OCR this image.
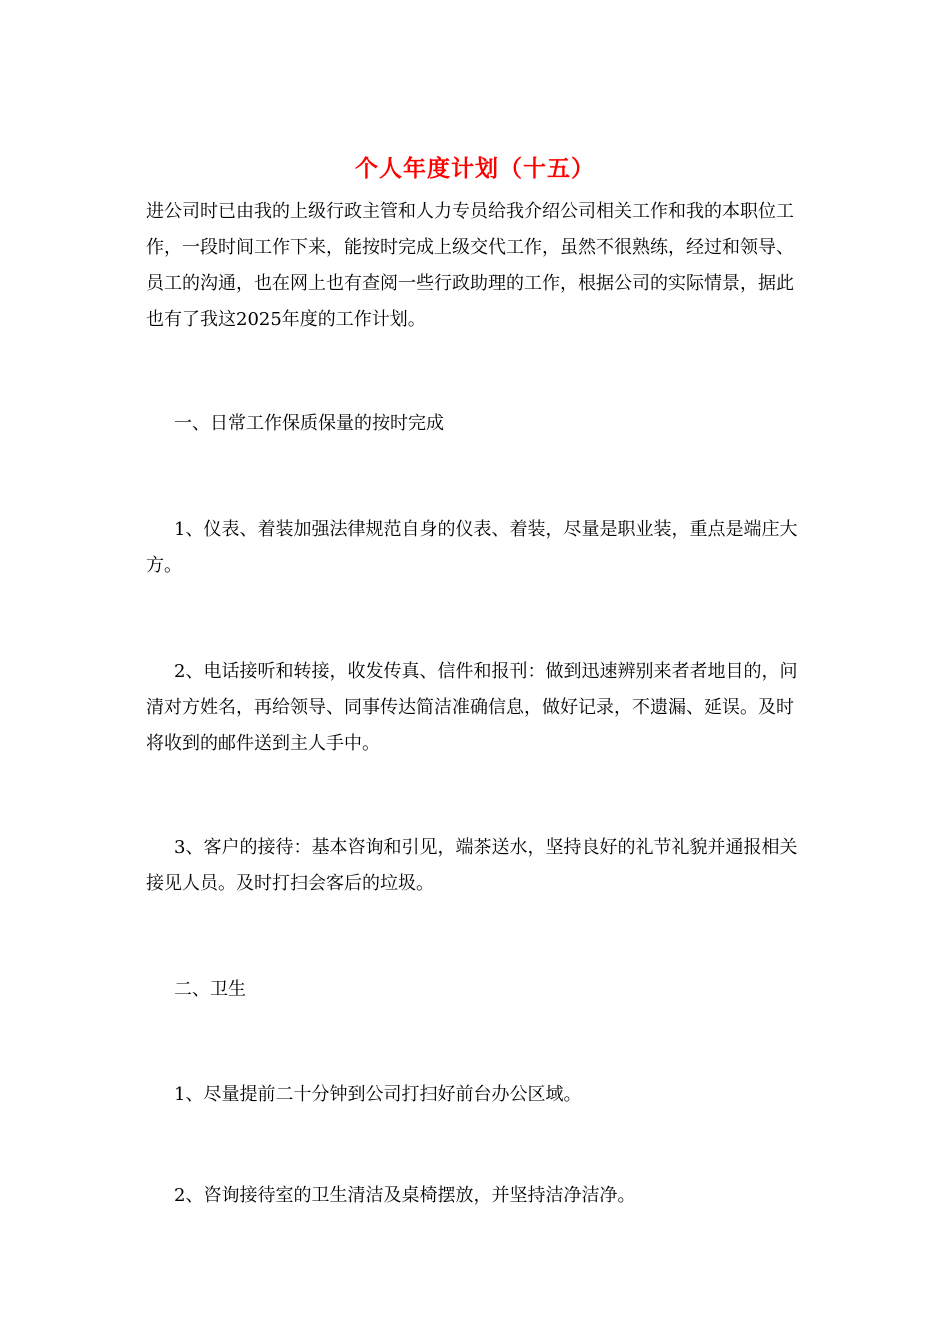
个人年度计划（十五）

进公司时已由我的上级行政主管和人力专员给我介绍公司相关工作和我的本职位工作，一段时间工作下来，能按时完成上级交代工作，虽然不很熟练，经过和领导、员工的沟通，也在网上也有查阅一些行政助理的工作，根据公司的实际情景，据此也有了我这2025年度的工作计划。

一、日常工作保质保量的按时完成

1、仪表、着装加强法律规范自身的仪表、着装，尽量是职业装，重点是端庄大方。

2、电话接听和转接，收发传真、信件和报刊：做到迅速辨别来者者地目的，问清对方姓名，再给领导、同事传达简洁准确信息，做好记录，不遗漏、延误。及时将收到的邮件送到主人手中。

3、客户的接待：基本咨询和引见，端茶送水，坚持良好的礼节礼貌并通报相关接见人员。及时打扫会客后的垃圾。

二、卫生

1、尽量提前二十分钟到公司打扫好前台办公区域。

2、咨询接待室的卫生清洁及桌椅摆放，并坚持洁净洁净。
